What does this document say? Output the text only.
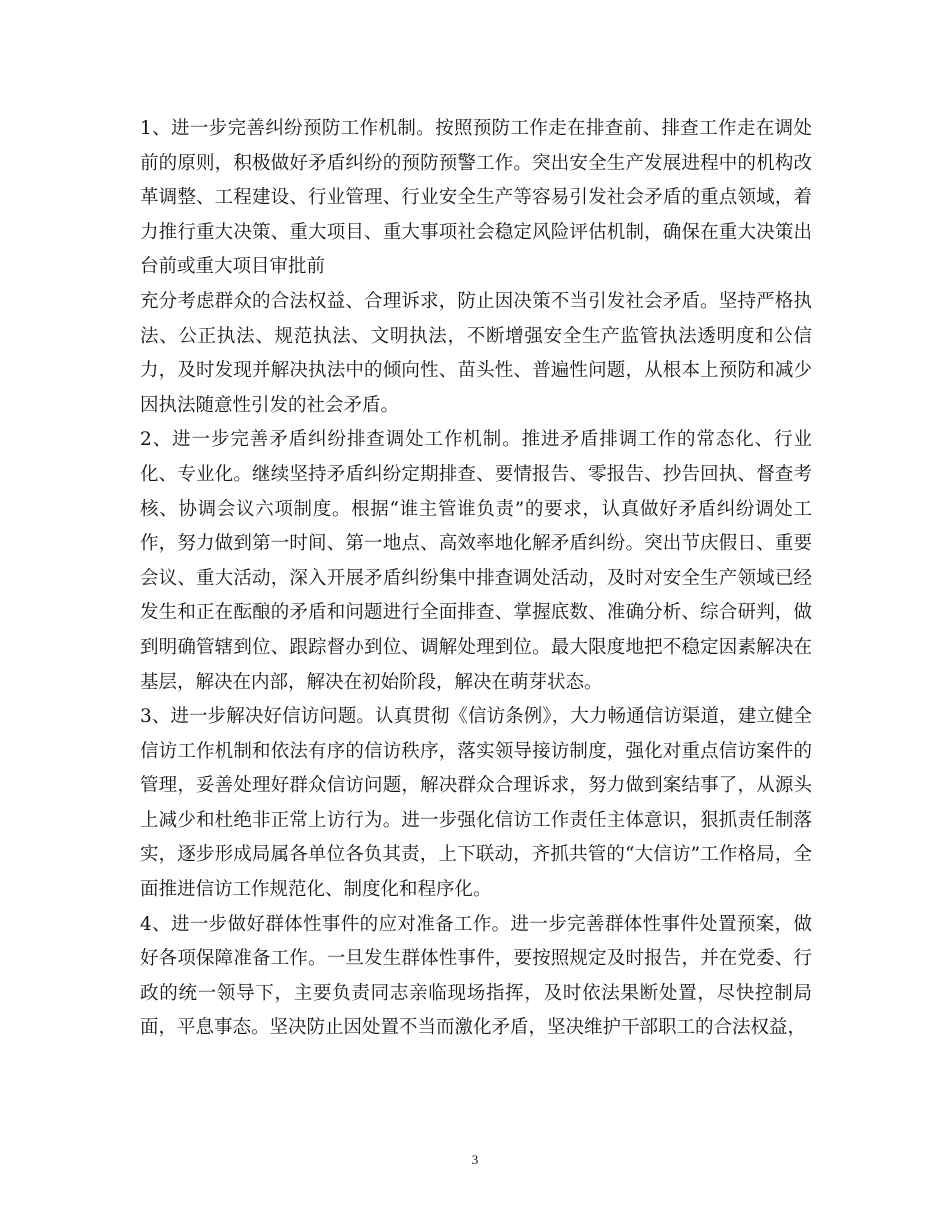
1、进一步完善纠纷预防工作机制。按照预防工作走在排查前、排查工作走在调处前的原则，积极做好矛盾纠纷的预防预警工作。突出安全生产发展进程中的机构改革调整、工程建设、行业管理、行业安全生产等容易引发社会矛盾的重点领域，着力推行重大决策、重大项目、重大事项社会稳定风险评估机制，确保在重大决策出台前或重大项目审批前

充分考虑群众的合法权益、合理诉求，防止因决策不当引发社会矛盾。坚持严格执法、公正执法、规范执法、文明执法，不断增强安全生产监管执法透明度和公信力，及时发现并解决执法中的倾向性、苗头性、普遍性问题，从根本上预防和减少因执法随意性引发的社会矛盾。

2、进一步完善矛盾纠纷排查调处工作机制。推进矛盾排调工作的常态化、行业化、专业化。继续坚持矛盾纠纷定期排查、要情报告、零报告、抄告回执、督查考核、协调会议六项制度。根据“谁主管谁负责”的要求，认真做好矛盾纠纷调处工作，努力做到第一时间、第一地点、高效率地化解矛盾纠纷。突出节庆假日、重要会议、重大活动，深入开展矛盾纠纷集中排查调处活动，及时对安全生产领域已经发生和正在酝酿的矛盾和问题进行全面排查、掌握底数、准确分析、综合研判，做到明确管辖到位、跟踪督办到位、调解处理到位。最大限度地把不稳定因素解决在基层，解决在内部，解决在初始阶段，解决在萌芽状态。

3、进一步解决好信访问题。认真贯彻《信访条例》，大力畅通信访渠道，建立健全信访工作机制和依法有序的信访秩序，落实领导接访制度，强化对重点信访案件的管理，妥善处理好群众信访问题，解决群众合理诉求，努力做到案结事了，从源头上减少和杜绝非正常上访行为。进一步强化信访工作责任主体意识，狠抓责任制落实，逐步形成局属各单位各负其责，上下联动，齐抓共管的“大信访”工作格局，全面推进信访工作规范化、制度化和程序化。

4、进一步做好群体性事件的应对准备工作。进一步完善群体性事件处置预案，做好各项保障准备工作。一旦发生群体性事件，要按照规定及时报告，并在党委、行政的统一领导下，主要负责同志亲临现场指挥，及时依法果断处置，尽快控制局面，平息事态。坚决防止因处置不当而激化矛盾，坚决维护干部职工的合法权益，

3
